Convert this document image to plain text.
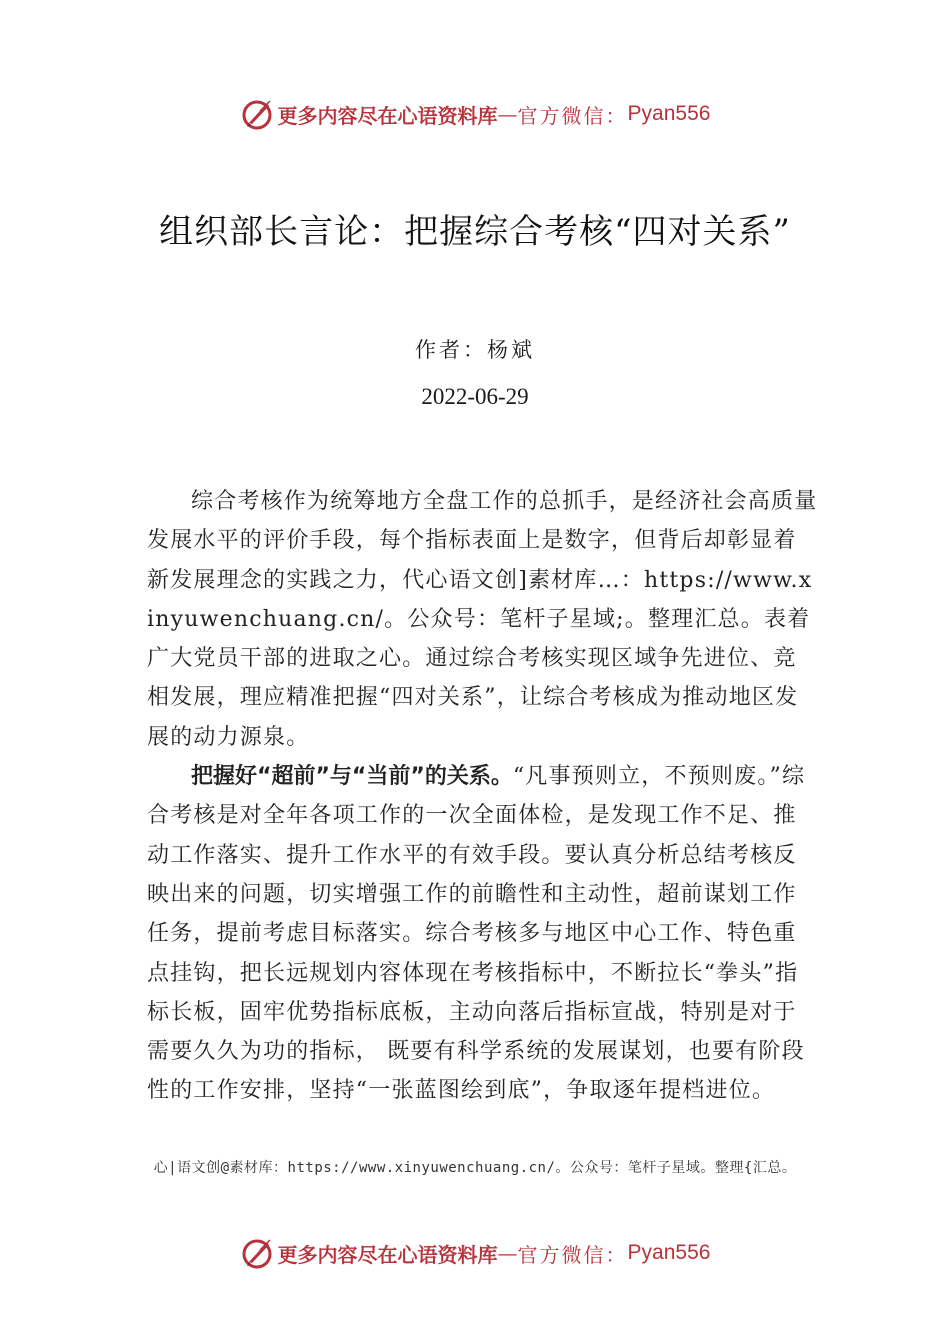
更多内容尽在心语资料库 — 官方微信： Pyan556
组织部长言论：把握综合考核“四对关系”
作者：杨斌
2022-06-29

综合考核作为统筹地方全盘工作的总抓手，是经济社会高质量发展水平的评价手段，每个指标表面上是数字，但背后却彰显着新发展理念的实践之力，代心语文创]素材库…：https://www.xinyuwenchuang.cn/。公众号：笔杆子星域;。整理汇总。表着广大党员干部的进取之心。通过综合考核实现区域争先进位、竞相发展，理应精准把握“四对关系”，让综合考核成为推动地区发展的动力源泉。

把握好“超前”与“当前”的关系。“凡事预则立，不预则废。”综合考核是对全年各项工作的一次全面体检，是发现工作不足、推动工作落实、提升工作水平的有效手段。要认真分析总结考核反映出来的问题，切实增强工作的前瞻性和主动性，超前谋划工作任务，提前考虑目标落实。综合考核多与地区中心工作、特色重点挂钩，把长远规划内容体现在考核指标中，不断拉长“拳头”指标长板，固牢优势指标底板，主动向落后指标宣战，特别是对于需要久久为功的指标， 既要有科学系统的发展谋划，也要有阶段性的工作安排，坚持“一张蓝图绘到底”，争取逐年提档进位。

心|语文创@素材库：https://www.xinyuwenchuang.cn/。公众号：笔杆子星域。整理{汇总。
更多内容尽在心语资料库 — 官方微信： Pyan556
